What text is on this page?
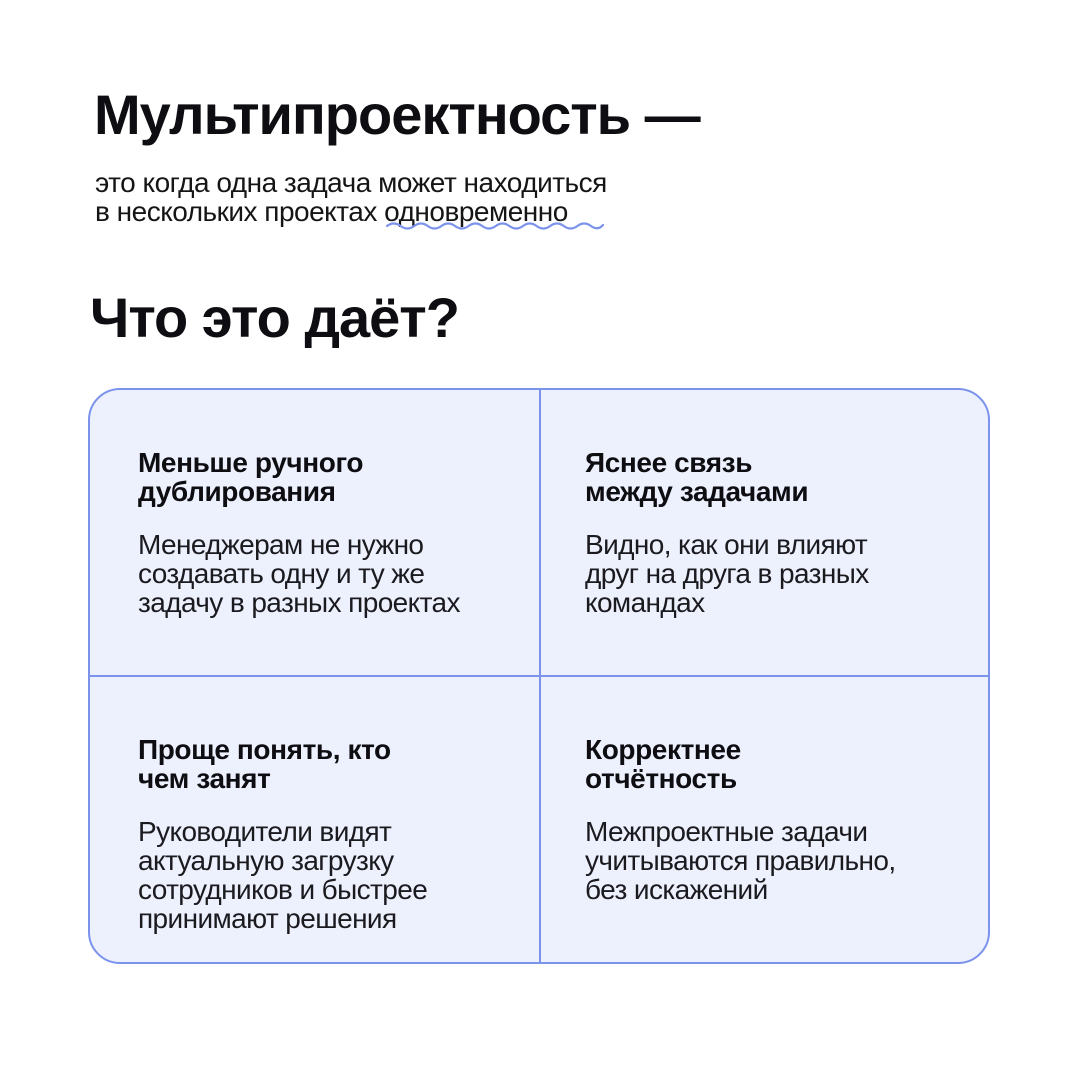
Мультипроектность —
это когда одна задача может находиться
в нескольких проектах одновременно
Что это даёт?

Меньше ручного
дублирования

Менеджерам не нужно
создавать одну и ту же
задачу в разных проектах

Яснее связь
между задачами

Видно, как они влияют
друг на друга в разных
командах

Проще понять, кто
чем занят

Руководители видят
актуальную загрузку
сотрудников и быстрее
принимают решения

Корректнее
отчётность

Межпроектные задачи
учитываются правильно,
без искажений
